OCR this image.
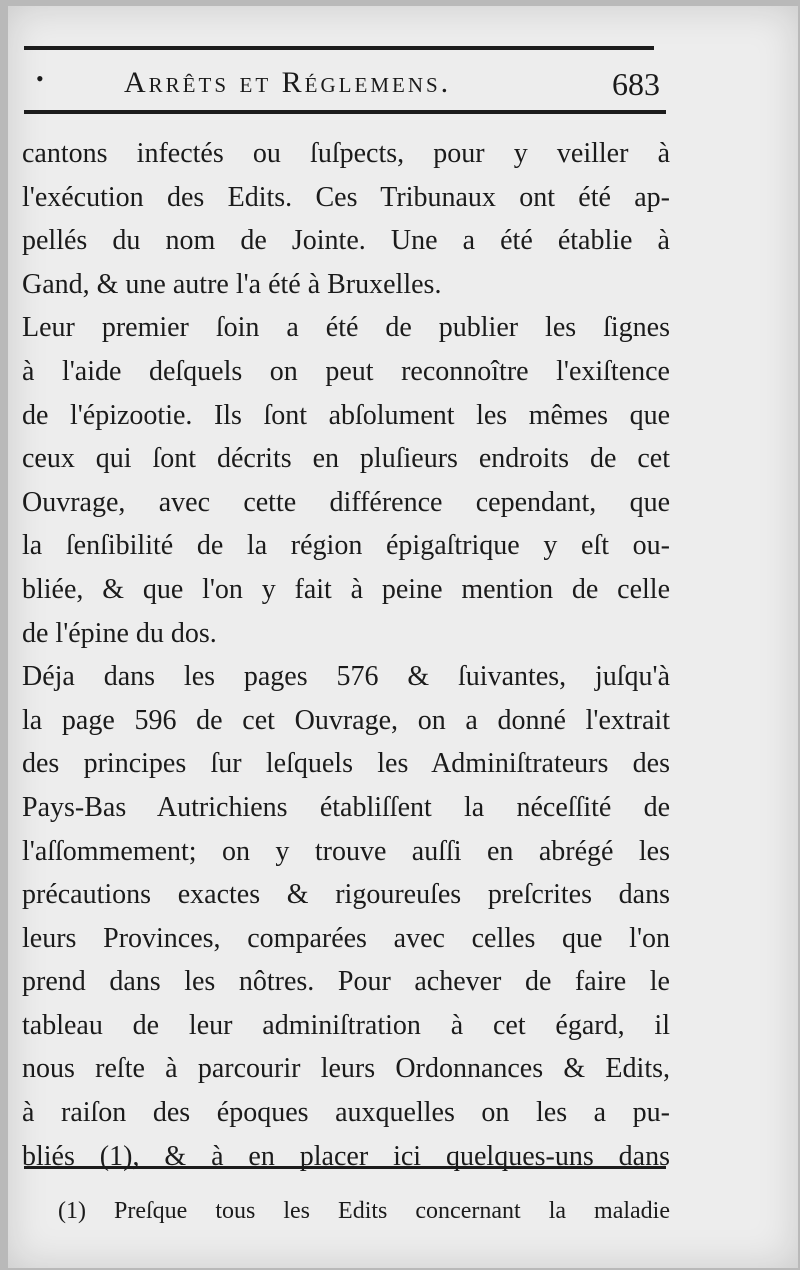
•	Arrêts et Réglemens.	683
cantons infectés ou ſuſpects, pour y veiller à
l'exécution des Edits. Ces Tribunaux ont été ap-
pellés du nom de Jointe. Une a été établie à
Gand, & une autre l'a été à Bruxelles.
Leur premier ſoin a été de publier les ſignes
à l'aide deſquels on peut reconnoître l'exiſtence
de l'épizootie. Ils ſont abſolument les mêmes que
ceux qui ſont décrits en pluſieurs endroits de cet
Ouvrage, avec cette différence cependant, que
la ſenſibilité de la région épigaſtrique y eſt ou-
bliée, & que l'on y fait à peine mention de celle
de l'épine du dos.
Déja dans les pages 576 & ſuivantes, juſqu'à
la page 596 de cet Ouvrage, on a donné l'extrait
des principes ſur leſquels les Adminiſtrateurs des
Pays-Bas Autrichiens établiſſent la néceſſité de
l'aſſommement; on y trouve auſſi en abrégé les
précautions exactes & rigoureuſes preſcrites dans
leurs Provinces, comparées avec celles que l'on
prend dans les nôtres. Pour achever de faire le
tableau de leur adminiſtration à cet égard, il
nous reſte à parcourir leurs Ordonnances & Edits,
à raiſon des époques auxquelles on les a pu-
bliés (1), & à en placer ici quelques-uns dans
(1) Preſque tous les Edits concernant la maladie
